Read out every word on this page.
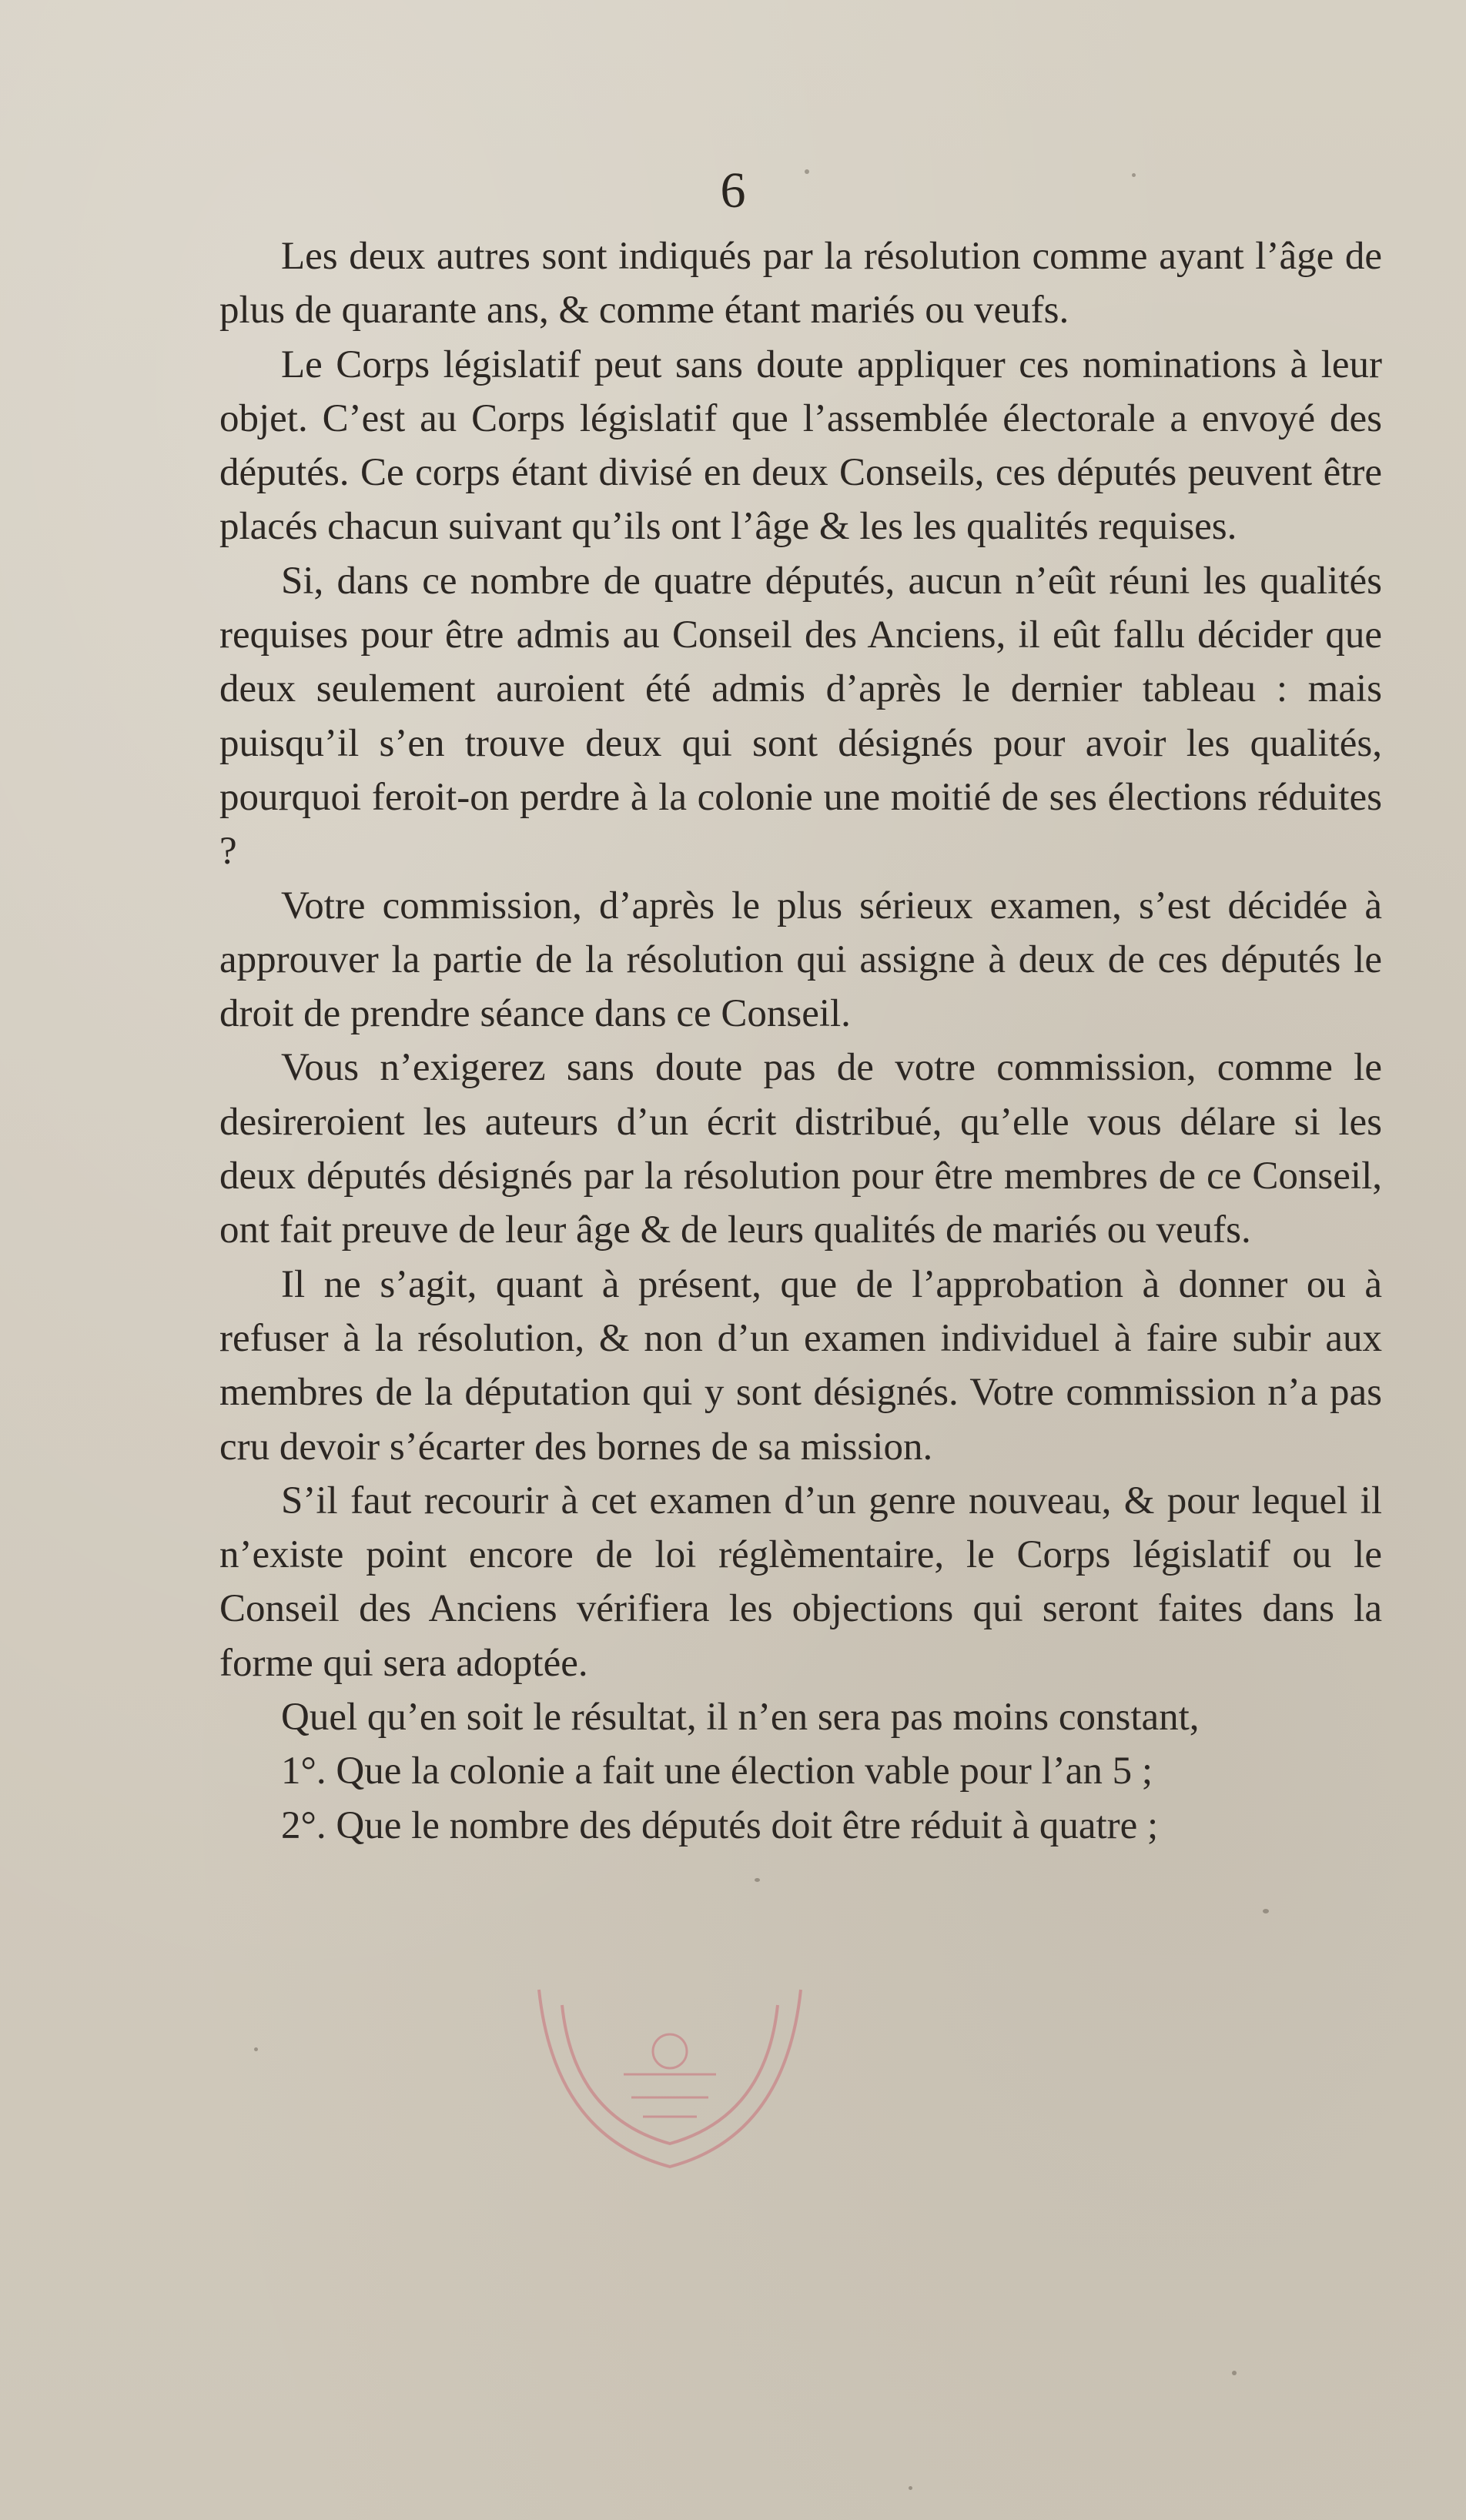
6

Les deux autres sont indiqués par la résolution comme ayant l’âge de plus de quarante ans, & comme étant mariés ou veufs.

Le Corps législatif peut sans doute appliquer ces nominations à leur objet. C’est au Corps législatif que l’assemblée électorale a envoyé des députés. Ce corps étant divisé en deux Conseils, ces députés peuvent être placés chacun suivant qu’ils ont l’âge & les les qualités requises.

Si, dans ce nombre de quatre députés, aucun n’eût réuni les qualités requises pour être admis au Conseil des Anciens, il eût fallu décider que deux seulement auroient été admis d’après le dernier tableau : mais puisqu’il s’en trouve deux qui sont désignés pour avoir les qualités, pourquoi feroit-on perdre à la colonie une moitié de ses élections réduites ?

Votre commission, d’après le plus sérieux examen, s’est décidée à approuver la partie de la résolution qui assigne à deux de ces députés le droit de prendre séance dans ce Conseil.

Vous n’exigerez sans doute pas de votre commission, comme le desireroient les auteurs d’un écrit distribué, qu’elle vous délare si les deux députés désignés par la résolution pour être membres de ce Conseil, ont fait preuve de leur âge & de leurs qualités de mariés ou veufs.

Il ne s’agit, quant à présent, que de l’approbation à donner ou à refuser à la résolution, & non d’un examen individuel à faire subir aux membres de la députation qui y sont désignés. Votre commission n’a pas cru devoir s’écarter des bornes de sa mission.

S’il faut recourir à cet examen d’un genre nouveau, & pour lequel il n’existe point encore de loi réglèmentaire, le Corps législatif ou le Conseil des Anciens vérifiera les objections qui seront faites dans la forme qui sera adoptée.

Quel qu’en soit le résultat, il n’en sera pas moins constant,

1°. Que la colonie a fait une élection vable pour l’an 5 ;

2°. Que le nombre des députés doit être réduit à quatre ;
